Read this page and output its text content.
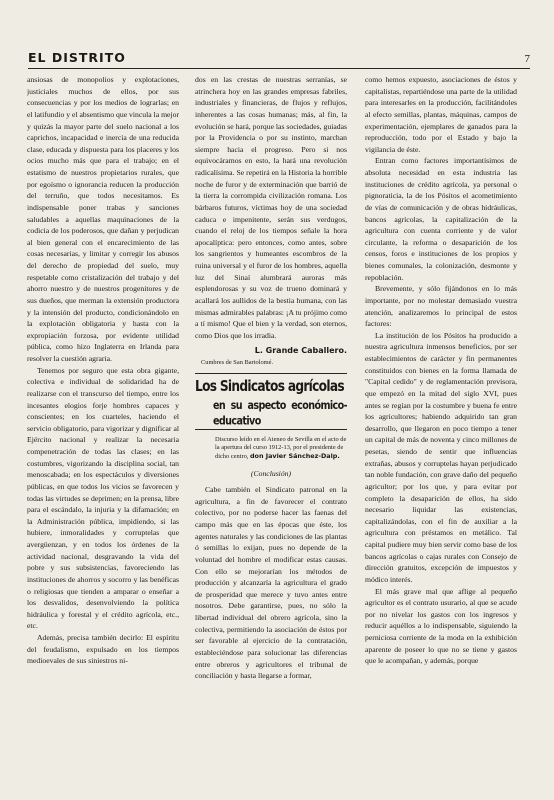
EL DISTRITO	7

ansiosas de monopolios y explotaciones, justiciales muchos de ellos, por sus consecuencias y por los medios de lograrlas; en el latifundio y el absentismo que vincula la mejor y quizás la mayor parte del suelo nacional a los caprichos, incapacidad e inercia de una reducida clase, educada y dispuesta para los placeres y los ocios mucho más que para el trabajo; en el estatismo de nuestros propietarios rurales, que por egoísmo o ignorancia reducen la producción del terruño, que todos necesitamos. Es indispensable poner trabas y sanciones saludables a aquellas maquinaciones de la codicia de los poderosos, que dañan y perjudican al bien general con el encarecimiento de las cosas necesarias, y limitar y corregir los abusos del derecho de propiedad del suelo, muy respetable como cristalización del trabajo y del ahorro nuestro y de nuestros progenitores y de sus dueños, que merman la extensión productora y la intensión del producto, condicionándolo en la explotación obligatoria y hasta con la expropiación forzosa, por evidente utilidad pública, como hizo Inglaterra en Irlanda para resolver la cuestión agraria.

Tenemos por seguro que esta obra gigante, colectiva e individual de solidaridad ha de realizarse con el transcurso del tiempo, entre los incesantes elogios forje hombres capaces y conscientes; en los cuarteles, haciendo el servicio obligatorio, para vigorizar y dignificar al Ejército nacional y realizar la necesaria compenetración de todas las clases; en las costumbres, vigorizando la disciplina social, tan menoscabada; en los espectáculos y diversiones públicas, en que todos los vicios se favorecen y todas las virtudes se deprimen; en la prensa, libre para el escándalo, la injuria y la difamación; en la Administración pública, impidiendo, si las hubiere, inmoralidades y corruptelas que avergüenzan, y en todos los órdenes de la actividad nacional, desgravando la vida del pobre y sus subsistencias, favoreciendo las instituciones de ahorros y socorro y las benéficas o religiosas que tienden a amparar o enseñar a los desvalidos, desenvolviendo la política hidráulica y forestal y el crédito agrícola, etc., etc.

Además, precisa también decirlo: El espíritu del feudalismo, expulsado en los tiempos medioevales de sus siniestros ni-

dos en las crestas de nuestras serranías, se atrinchera hoy en las grandes empresas fabriles, industriales y financieras, de flujos y reflujos, inherentes a las cosas humanas; más, al fin, la evolución se hará, porque las sociedades, guiadas por la Providencia o por su instinto, marchan siempre hacia el progreso. Pero si nos equivocáramos en esto, la hará una revolución radicalísima. Se repetirá en la Historia la horrible noche de furor y de exterminación que barrió de la tierra la corrompida civilización romana. Los bárbaros futuros, víctimas hoy de una sociedad caduca e impenitente, serán sus verdugos, cuando el reloj de los tiempos señale la hora apocalíptica: pero entonces, como antes, sobre los sangrientos y humeantes escombros de la ruina universal y el furor de los hombres, aquella luz del Sinaí alumbrará auroras más esplendorosas y su voz de trueno dominará y acallará los aullidos de la bestia humana, con las mismas admirables palabras: ¡A tu prójimo como a tí mismo! Que el bien y la verdad, son eternos, como Dios que los irradia.

L. Grande Caballero.
Cumbres de San Bartolomé.
Los Sindicatos agrícolas
en su aspecto económico-educativo
Discurso leído en el Ateneo de Sevilla en el acto de la apertura del curso 1912-13, por el presidente de dicho centro, don Javier Sánchez-Dalp.
(Conclusión)

Cabe también el Sindicato patronal en la agricultura, a fin de favorecer el contrato colectivo, por no poderse hacer las faenas del campo más que en las épocas que éste, los agentes naturales y las condiciones de las plantas ó semillas lo exijan, pues no depende de la voluntad del hombre el modificar estas causas. Con ello se mejorarían los métodos de producción y alcanzaría la agricultura el grado de prosperidad que merece y tuvo antes entre nosotros. Debe garantirse, pues, no sólo la libertad individual del obrero agrícola, sino la colectiva, permitiendo la asociación de éstos por ser favorable al ejercicio de la contratación, estableciéndose para solucionar las diferencias entre obreros y agricultores el tribunal de conciliación y hasta llegarse a formar,

como hemos expuesto, asociaciones de éstos y capitalistas, repartiéndose una parte de la utilidad para interesarles en la producción, facilitándoles al efecto semillas, plantas, máquinas, campos de experimentación, ejemplares de ganados para la reproducción, todo por el Estado y bajo la vigilancia de éste.

Entran como factores importantísimos de absoluta necesidad en esta industria las instituciones de crédito agrícola, ya personal o pignoraticia, la de los Pósitos el acometimiento de vías de comunicación y de obras hidráulicas, bancos agrícolas, la capitalización de la agricultura con cuenta corriente y de valor circulante, la reforma o desaparición de los censos, foros e instituciones de los propios y bienes comunales, la colonización, desmonte y repoblación.

Brevemente, y sólo fijándonos en lo más importante, por no molestar demasiado vuestra atención, analizaremos lo principal de estos factores:

La institución de los Pósitos ha producido a nuestra agricultura inmensos beneficios, por ser establecimientos de carácter y fin permanentes constituidos con bienes en la forma llamada de "Capital cedido" y de reglamentación previsora, que empezó en la mitad del siglo XVI, pues antes se regían por la costumbre y buena fe entre los agricultores; habiendo adquirido tan gran desarrollo, que llegaron en poco tiempo a tener un capital de más de noventa y cinco millones de pesetas, siendo de sentir que influencias extrañas, abusos y corruptelas hayan perjudicado tan noble fundación, con grave daño del pequeño agricultor; por los que, y para evitar por completo la desaparición de ellos, ha sido necesario liquidar las existencias, capitalizándolas, con el fin de auxiliar a la agricultura con préstamos en metálico. Tal capital pudiere muy bien servir como base de los bancos agrícolas o cajas rurales con Consejo de dirección gratuitos, excepción de impuestos y módico interés.

El más grave mal que aflige al pequeño agricultor es el contrato usurario, al que se acude por no nivelar los gastos con los ingresos y reducir aquéllos a lo indispensable, siguiendo la perniciosa corriente de la moda en la exhibición aparente de poseer lo que no se tiene y gastos que le acompañan, y además, porque
